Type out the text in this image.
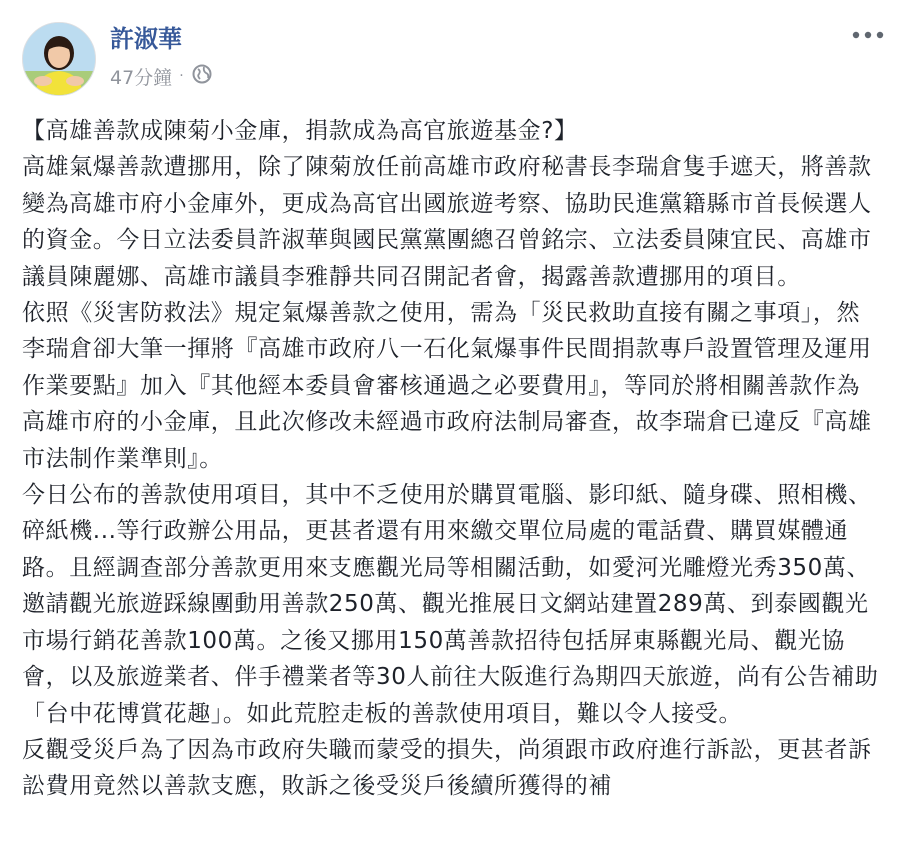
許淑華
47分鐘 ·

【高雄善款成陳菊小金庫，捐款成為高官旅遊基金?】

高雄氣爆善款遭挪用，除了陳菊放任前高雄市政府秘書長李瑞倉隻手遮天，將善款變為高雄市府小金庫外，更成為高官出國旅遊考察、協助民進黨籍縣市首長候選人的資金。今日立法委員許淑華與國民黨黨團總召曾銘宗、立法委員陳宜民、高雄市議員陳麗娜、高雄市議員李雅靜共同召開記者會，揭露善款遭挪用的項目。

依照《災害防救法》規定氣爆善款之使用，需為「災民救助直接有關之事項」，然李瑞倉卻大筆一揮將『高雄市政府八一石化氣爆事件民間捐款專戶設置管理及運用作業要點』加入『其他經本委員會審核通過之必要費用』，等同於將相關善款作為高雄市府的小金庫，且此次修改未經過市政府法制局審查，故李瑞倉已違反『高雄市法制作業準則』。

今日公布的善款使用項目，其中不乏使用於購買電腦、影印紙、隨身碟、照相機、碎紙機...等行政辦公用品，更甚者還有用來繳交單位局處的電話費、購買媒體通路。且經調查部分善款更用來支應觀光局等相關活動，如愛河光雕燈光秀350萬、邀請觀光旅遊踩線團動用善款250萬、觀光推展日文網站建置289萬、到泰國觀光市場行銷花善款100萬。之後又挪用150萬善款招待包括屏東縣觀光局、觀光協會，以及旅遊業者、伴手禮業者等30人前往大阪進行為期四天旅遊，尚有公告補助「台中花博賞花趣」。如此荒腔走板的善款使用項目，難以令人接受。

反觀受災戶為了因為市政府失職而蒙受的損失，尚須跟市政府進行訴訟，更甚者訴訟費用竟然以善款支應，敗訴之後受災戶後續所獲得的補
